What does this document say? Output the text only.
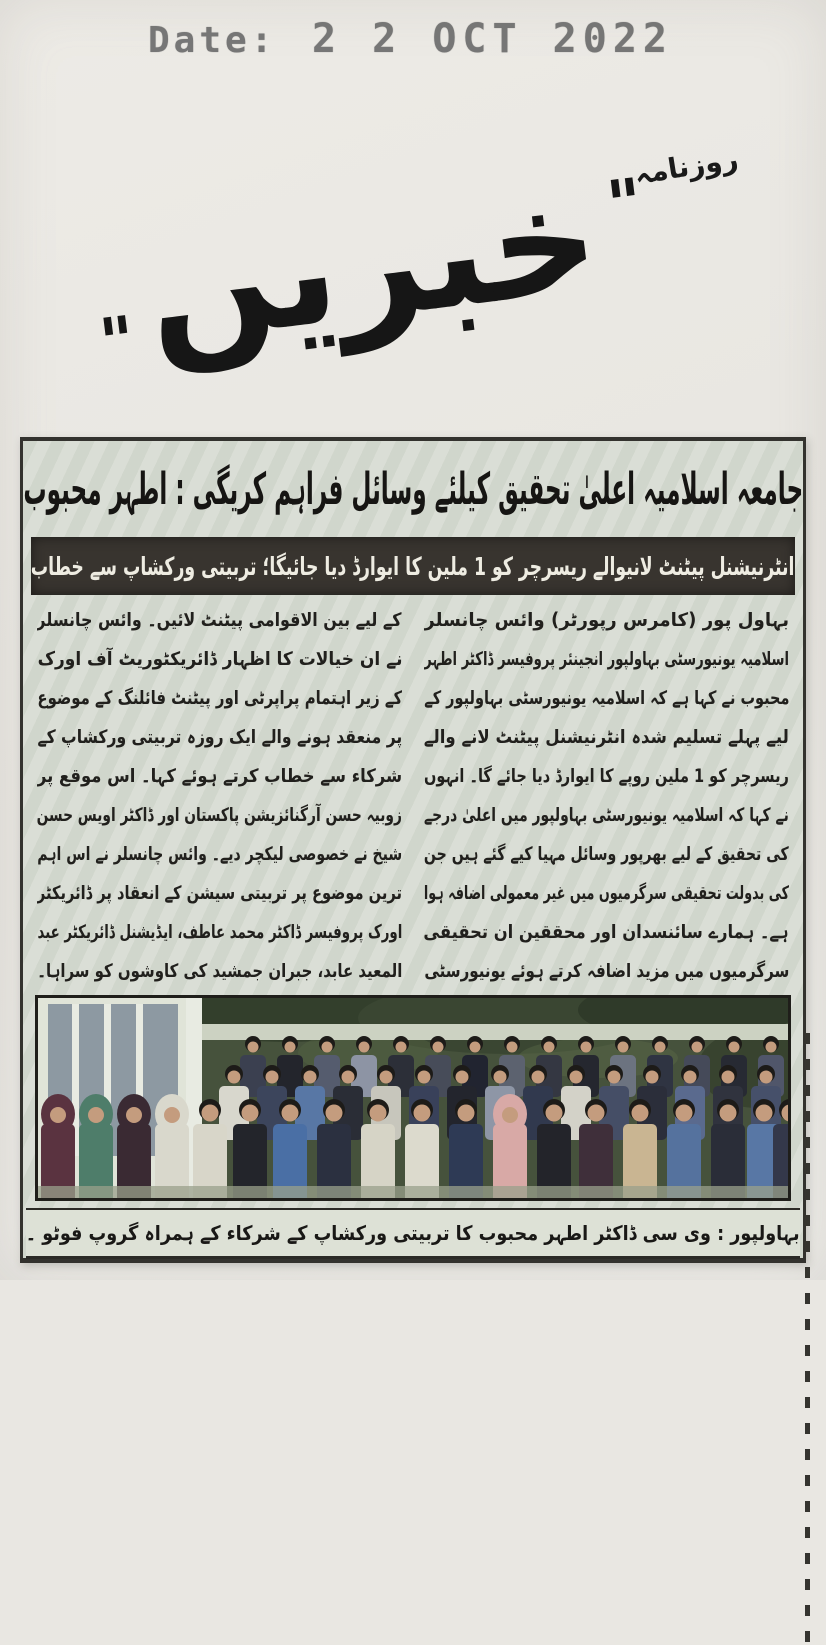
Date: 2 2 OCT 2022
روزنامہ
"
خبریں
"
جامعہ اسلامیہ اعلیٰ تحقیق کیلئے وسائل فراہم کریگی : اطہر محبوب
انٹرنیشنل پیٹنٹ لانیوالے ریسرچر کو 1 ملین کا ایوارڈ دیا جائیگا؛ تربیتی ورکشاپ سے خطاب
بہاول پور (کامرس رپورٹر) وائس چانسلر
اسلامیہ یونیورسٹی بہاولپور انجینئر پروفیسر ڈاکٹر اطہر
محبوب نے کہا ہے کہ اسلامیہ یونیورسٹی بہاولپور کے
لیے پہلے تسلیم شدہ انٹرنیشنل پیٹنٹ لانے والے
ریسرچر کو 1 ملین روپے کا ایوارڈ دیا جائے گا۔ انہوں
نے کہا کہ اسلامیہ یونیورسٹی بہاولپور میں اعلیٰ درجے
کی تحقیق کے لیے بھرپور وسائل مہیا کیے گئے ہیں جن
کی بدولت تحقیقی سرگرمیوں میں غیر معمولی اضافہ ہوا
ہے۔ ہمارے سائنسدان اور محققین ان تحقیقی
سرگرمیوں میں مزید اضافہ کرتے ہوئے یونیورسٹی
کے لیے بین الاقوامی پیٹنٹ لائیں۔ وائس چانسلر
نے ان خیالات کا اظہار ڈائریکٹوریٹ آف اورک
کے زیر اہتمام پراپرٹی اور پیٹنٹ فائلنگ کے موضوع
پر منعقد ہونے والے ایک روزہ تربیتی ورکشاپ کے
شرکاء سے خطاب کرتے ہوئے کہا۔ اس موقع پر
زوبیہ حسن آرگنائزیشن پاکستان اور ڈاکٹر اویس حسن
شیخ نے خصوصی لیکچر دیے۔ وائس چانسلر نے اس اہم
ترین موضوع پر تربیتی سیشن کے انعقاد پر ڈائریکٹر
اورک پروفیسر ڈاکٹر محمد عاطف، ایڈیشنل ڈائریکٹر عبد
المعید عابد، جبران جمشید کی کاوشوں کو سراہا۔
بہاولپور : وی سی ڈاکٹر اطہر محبوب کا تربیتی ورکشاپ کے شرکاء کے ہمراہ گروپ فوٹو ۔
